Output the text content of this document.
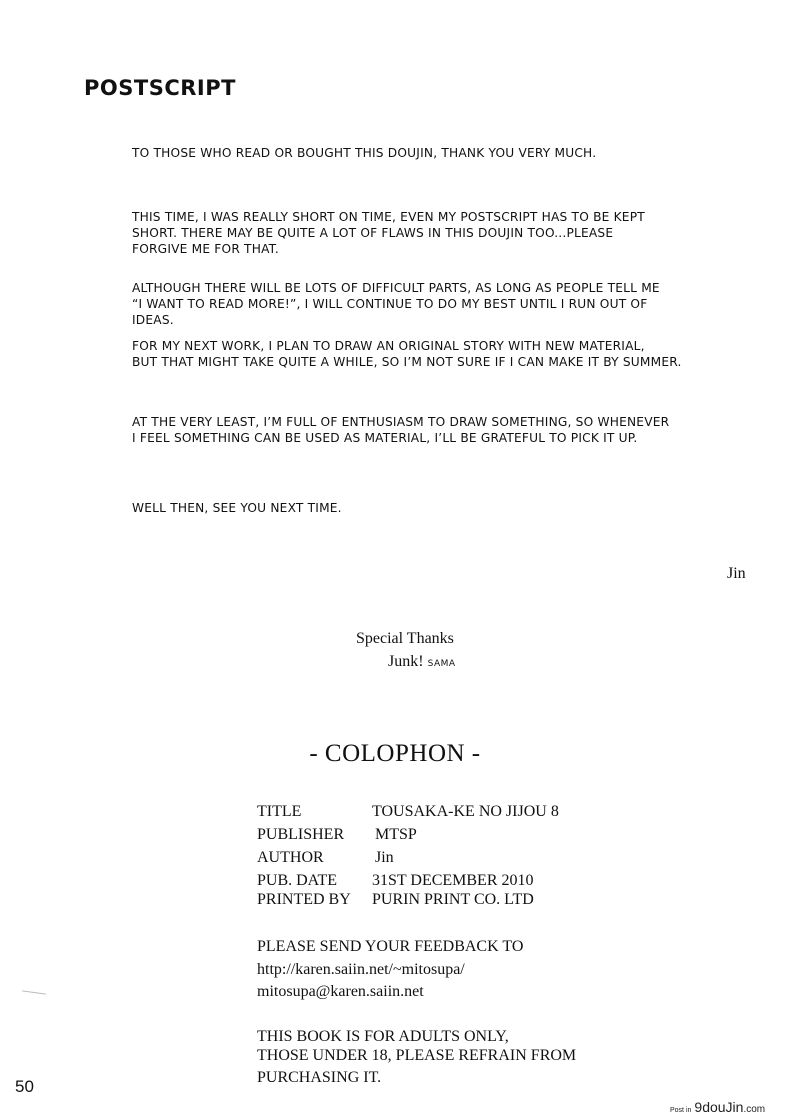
POSTSCRIPT

TO THOSE WHO READ OR BOUGHT THIS DOUJIN, THANK YOU VERY MUCH.

THIS TIME, I WAS REALLY SHORT ON TIME, EVEN MY POSTSCRIPT HAS TO BE KEPT
SHORT. THERE MAY BE QUITE A LOT OF FLAWS IN THIS DOUJIN TOO...PLEASE
FORGIVE ME FOR THAT.

ALTHOUGH THERE WILL BE LOTS OF DIFFICULT PARTS, AS LONG AS PEOPLE TELL ME
“I WANT TO READ MORE!”, I WILL CONTINUE TO DO MY BEST UNTIL I RUN OUT OF
IDEAS.

FOR MY NEXT WORK, I PLAN TO DRAW AN ORIGINAL STORY WITH NEW MATERIAL,
BUT THAT MIGHT TAKE QUITE A WHILE, SO I’M NOT SURE IF I CAN MAKE IT BY SUMMER.

AT THE VERY LEAST, I’M FULL OF ENTHUSIASM TO DRAW SOMETHING, SO WHENEVER
I FEEL SOMETHING CAN BE USED AS MATERIAL, I’LL BE GRATEFUL TO PICK IT UP.

WELL THEN, SEE YOU NEXT TIME.

Jin
Special Thanks
Junk! SAMA
- COLOPHON -
TITLE	TOUSAKA-KE NO JIJOU 8
PUBLISHER MTSP
AUTHOR	Jin
PUB. DATE 31ST DECEMBER 2010
PRINTED BY PURIN PRINT CO. LTD
PLEASE SEND YOUR FEEDBACK TO
http://karen.saiin.net/~mitosupa/
mitosupa@karen.saiin.net
THIS BOOK IS FOR ADULTS ONLY,
THOSE UNDER 18, PLEASE REFRAIN FROM
PURCHASING IT.
50
Post in 9douJin.com
